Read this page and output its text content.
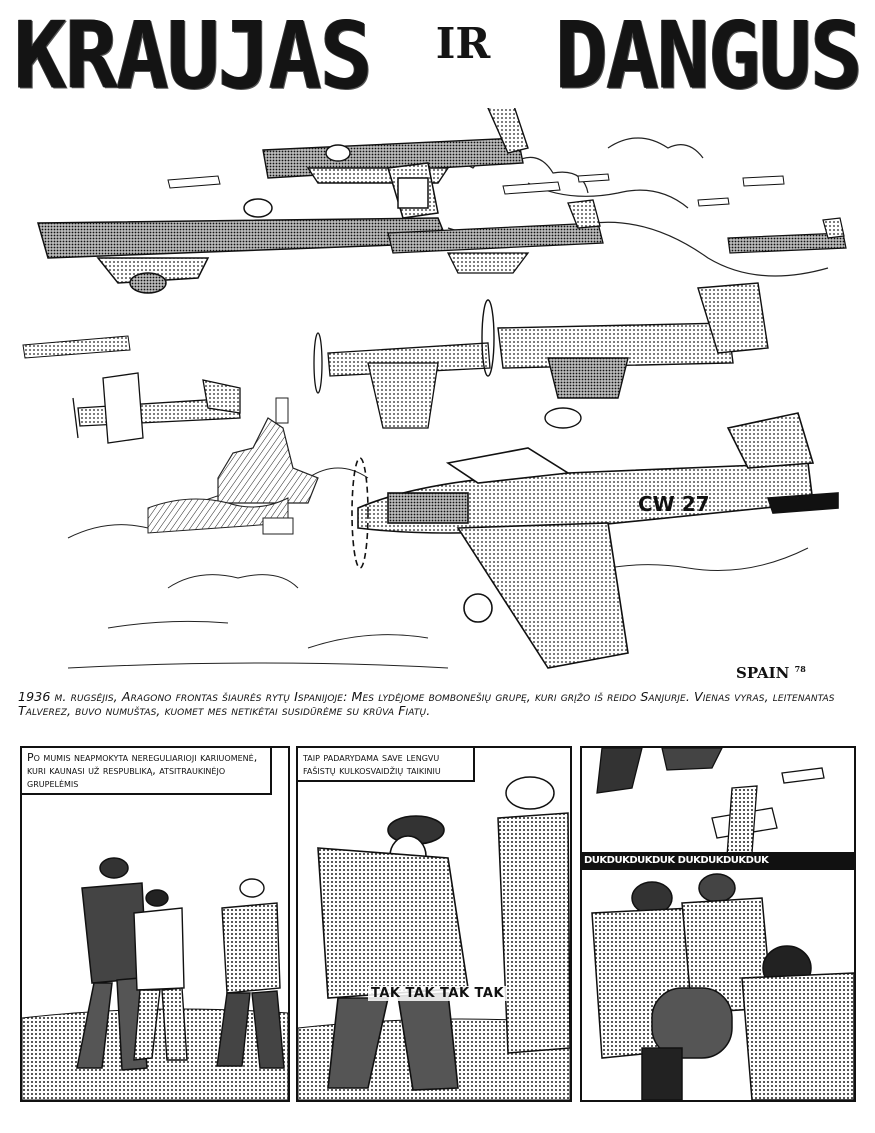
KRAUJAS IR DANGUS
CW 27
SPAIN $^{78}$
1936 m. rugsėjis, Aragono frontas šiaurės rytų Ispanijoje: Mes lydėjome bombonešių grupę, kuri grįžo iš reido Sanjurje. Vienas vyras, leitenantas Talverez, buvo numuštas, kuomet mes netikėtai susidūrėme su krūva Fiatų.
Po mumis neapmokyta nereguliarioji kariuomenė, kuri kaunasi už respubliką, atsitraukinėjo grupelėmis
taip padarydama save lengvu fašistų kulkosvaidžių taikiniu
TAK TAK TAK TAK
DUKDUKDUKDUK DUKDUKDUKDUK
